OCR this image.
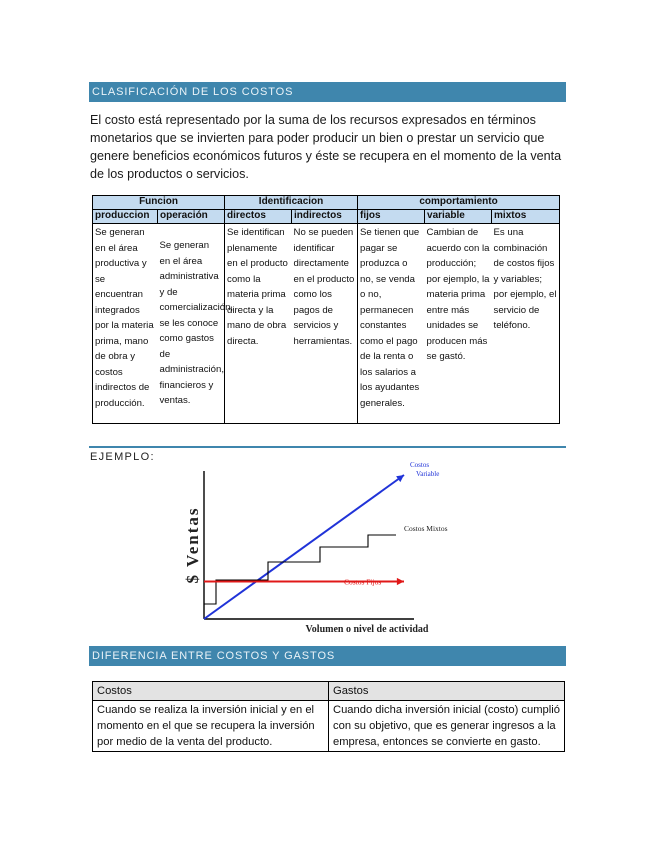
CLASIFICACIÓN DE LOS COSTOS
El costo está representado por la suma de los recursos expresados en términos monetarios que se invierten para poder producir un bien o prestar un servicio que genere beneficios económicos futuros y éste se recupera en el momento de la venta de los productos o servicios.
Funcion		Identificacion		comportamiento		
produccion	operación	directos	indirectos	fijos	variable	mixtos
Se generan en el área productiva y se encuentran integrados por la materia prima, mano de obra y costos indirectos de producción.	Se generan en el área administrativa y de comercialización, se les conoce como gastos de administración, financieros y ventas.	Se identifican plenamente en el producto como la materia prima directa y la mano de obra directa.	No se pueden identificar directamente en el producto como los pagos de servicios y herramientas.	Se tienen que pagar se produzca o no, se venda o no, permanecen constantes como el pago de la renta o los salarios a los ayudantes generales.	Cambian de acuerdo con la producción; por ejemplo, la materia prima entre más unidades se producen más se gastó.	Es una combinación de costos fijos y variables; por ejemplo, el servicio de teléfono.
EJEMPLO:
Costos Variable
Costos Mixtos
Costos Fijos
$ Ventas
Volumen o nivel de actividad
DIFERENCIA ENTRE COSTOS Y GASTOS
Costos	Gastos
Cuando se realiza la inversión inicial y en el momento en el que se recupera la inversión por medio de la venta del producto.	Cuando dicha inversión inicial (costo) cumplió con su objetivo, que es generar ingresos a la empresa, entonces se convierte en gasto.
